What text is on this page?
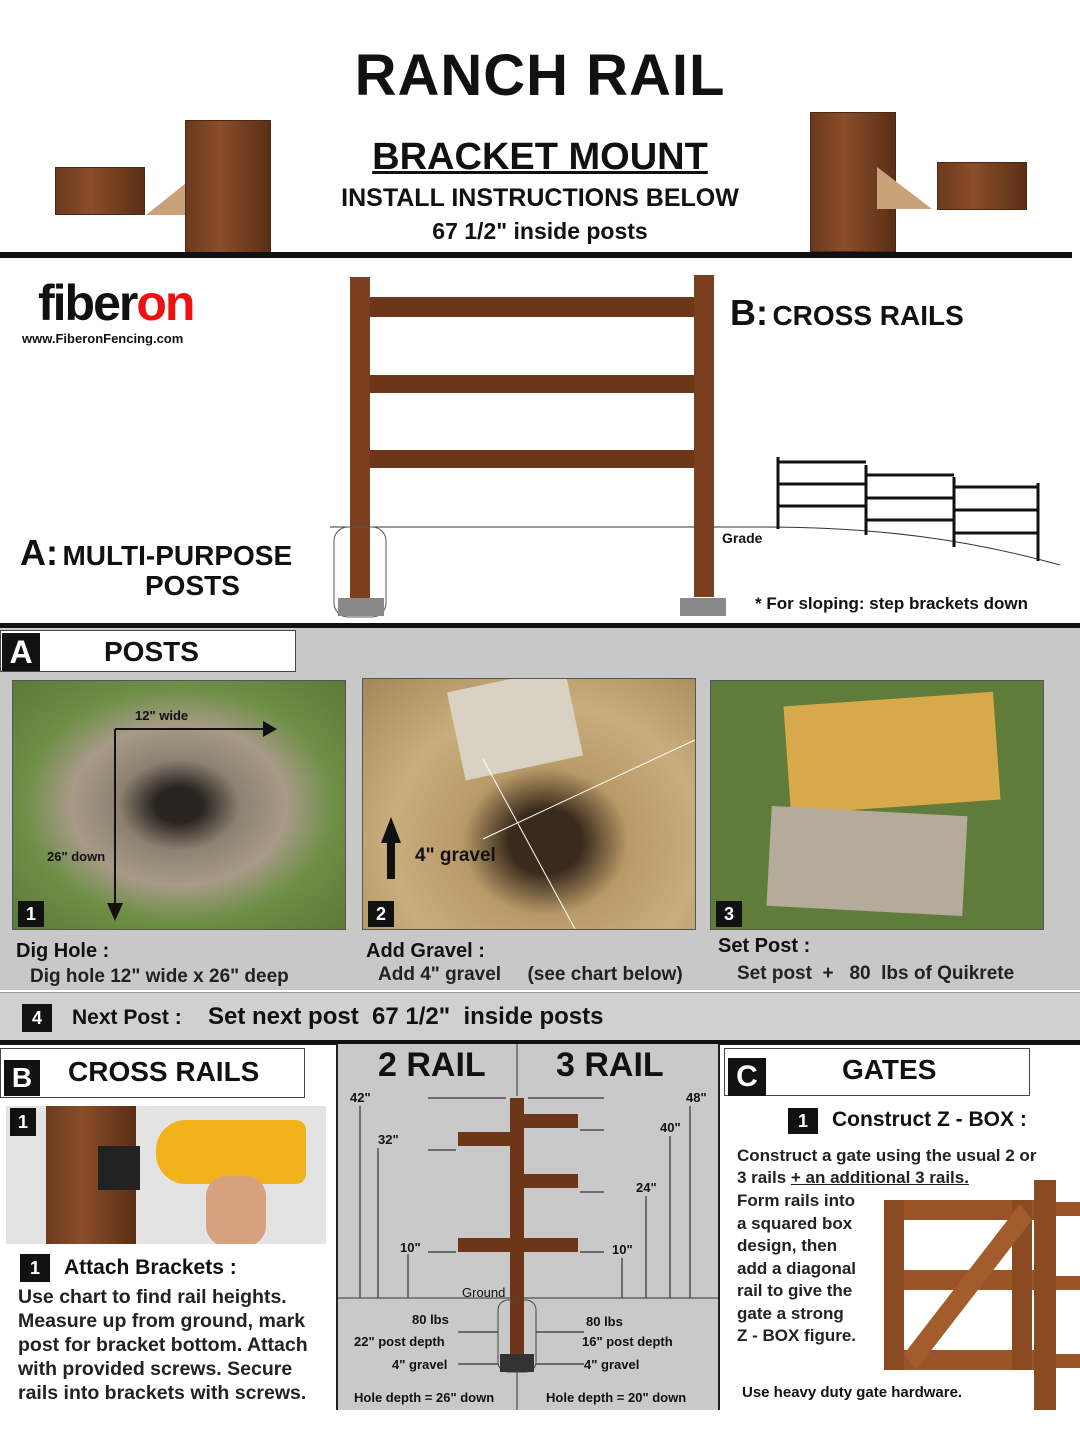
RANCH RAIL
BRACKET MOUNT
INSTALL INSTRUCTIONS BELOW
67 1/2" inside posts
fiberon
www.FiberonFencing.com
B: CROSS RAILS
A: MULTI-PURPOSE
POSTS
Grade
* For sloping: step brackets down
A	POSTS
12" wide
26" down
1
4" gravel
2	3
Dig Hole :
Dig hole 12" wide x 26" deep
Add Gravel :
Add 4" gravel     (see chart below)
Set Post :
Set post  +   80  lbs of Quikrete
4	Next Post : Set next post  67 1/2"  inside posts
B CROSS RAILS
1
1	Attach Brackets :
Use chart to find rail heights.
Measure up from ground, mark
post for bracket bottom. Attach
with provided screws. Secure
rails into brackets with screws.
2 RAIL 3 RAIL
42"
32"
10"
48"
40"
24"
10"
Ground
80 lbs
22" post depth
4" gravel
80 lbs
16" post depth
4" gravel
Hole depth = 26" down	Hole depth = 20" down
C	GATES
1	Construct Z - BOX :
Construct a gate using the usual 2 or
3 rails + an additional 3 rails.
Form rails into
a squared box
design, then
add a diagonal
rail to give the
gate a strong
Z - BOX figure.
Use heavy duty gate hardware.
